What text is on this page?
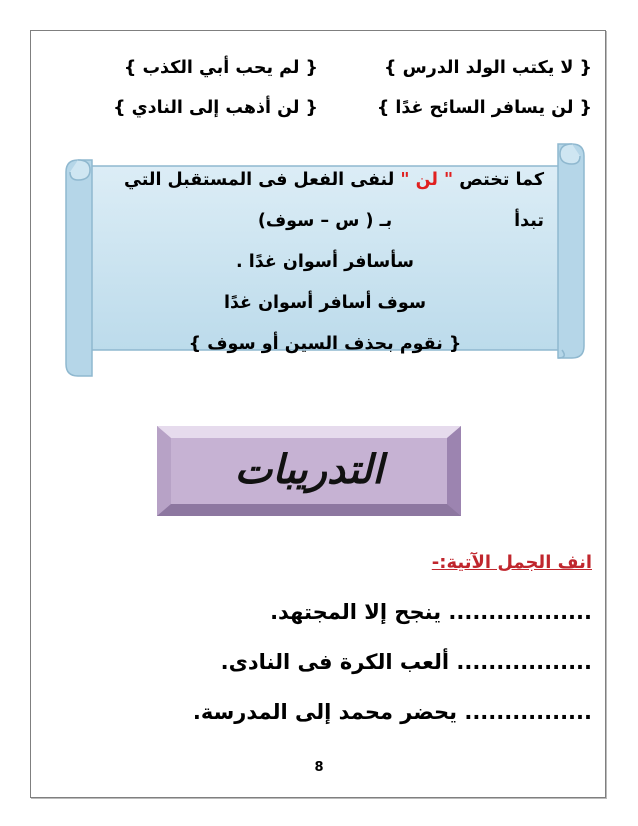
{ لا يكتب الولد الدرس }
{ لم يحب أبي الكذب }
{ لن يسافر السائح غدًا }
{ لن أذهب إلى النادي }
كما تختص " لن " لنفى الفعل فى المستقبل التي تبدأ
بـ ( س – سوف)
سأسافر أسوان غدًا .
سوف أسافر أسوان غدًا
{ نقوم بحذف السين أو سوف }
التدريبات
انف الجمل الآتية:-
.................. ينجح إلا المجتهد.
................. ألعب الكرة فى النادى.
................ يحضر محمد إلى المدرسة.
8
